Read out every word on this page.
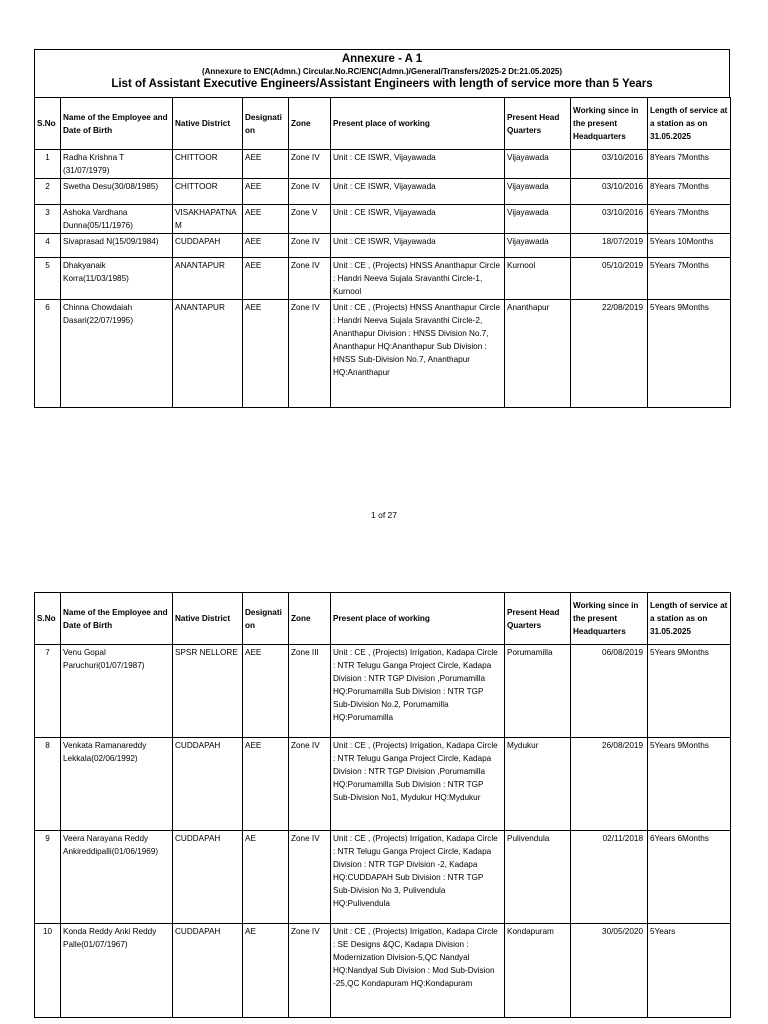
Annexure - A 1
(Annexure to ENC(Admn.) Circular.No.RC/ENC(Admn.)/General/Transfers/2025-2 Dt:21.05.2025)
List of Assistant Executive Engineers/Assistant Engineers with length of service more than 5 Years
S.No	Name of the Employee and Date of Birth	Native District	Designation	Zone	Present place of working	Present Head Quarters	Working since in the present Headquarters	Length of service at a station as on 31.05.2025
1	Radha Krishna T (31/07/1979)	CHITTOOR	AEE	Zone IV	Unit : CE ISWR, Vijayawada	Vijayawada	03/10/2016	8Years 7Months
2	Swetha Desu(30/08/1985)	CHITTOOR	AEE	Zone IV	Unit : CE ISWR, Vijayawada	Vijayawada	03/10/2016	8Years 7Months
3	Ashoka Vardhana Dunna(05/11/1976)	VISAKHAPATNAM	AEE	Zone V	Unit : CE ISWR, Vijayawada	Vijayawada	03/10/2016	6Years 7Months
4	Sivaprasad N(15/09/1984)	CUDDAPAH	AEE	Zone IV	Unit : CE ISWR, Vijayawada	Vijayawada	18/07/2019	5Years 10Months
5	Dhakyanaik Korra(11/03/1985)	ANANTAPUR	AEE	Zone IV	Unit : CE , (Projects) HNSS Ananthapur Circle : Handri Neeva Sujala Sravanthi Circle-1, Kurnool	Kurnool	05/10/2019	5Years 7Months
6	Chinna Chowdaiah Dasari(22/07/1995)	ANANTAPUR	AEE	Zone IV	Unit : CE , (Projects) HNSS Ananthapur Circle : Handri Neeva Sujala Sravanthi Circle-2, Ananthapur Division : HNSS Division No.7, Ananthapur HQ:Ananthapur Sub Division : HNSS Sub-Division No.7, Ananthapur HQ:Ananthapur	Ananthapur	22/08/2019	5Years 9Months
1 of 27
S.No	Name of the Employee and Date of Birth	Native District	Designation	Zone	Present place of working	Present Head Quarters	Working since in the present Headquarters	Length of service at a station as on 31.05.2025
7	Venu Gopal Paruchuri(01/07/1987)	SPSR NELLORE	AEE	Zone III	Unit : CE , (Projects) Irrigation, Kadapa Circle : NTR Telugu Ganga Project Circle, Kadapa Division : NTR TGP Division ,Porumamilla HQ:Porumamilla Sub Division : NTR TGP Sub-Division No.2, Porumamilla HQ:Porumamilla	Porumamilla	06/08/2019	5Years 9Months
8	Venkata Ramanareddy Lekkala(02/06/1992)	CUDDAPAH	AEE	Zone IV	Unit : CE , (Projects) Irrigation, Kadapa Circle : NTR Telugu Ganga Project Circle, Kadapa Division : NTR TGP Division ,Porumamilla HQ:Porumamilla Sub Division : NTR TGP Sub-Division No1, Mydukur HQ:Mydukur	Mydukur	26/08/2019	5Years 9Months
9	Veera Narayana Reddy Ankireddipalli(01/06/1969)	CUDDAPAH	AE	Zone IV	Unit : CE , (Projects) Irrigation, Kadapa Circle : NTR Telugu Ganga Project Circle, Kadapa Division : NTR TGP Division -2, Kadapa HQ:CUDDAPAH Sub Division : NTR TGP Sub-Division No 3, Pulivendula HQ:Pulivendula	Pulivendula	02/11/2018	6Years 6Months
10	Konda Reddy Anki Reddy Palle(01/07/1967)	CUDDAPAH	AE	Zone IV	Unit : CE , (Projects) Irrigation, Kadapa Circle : SE Designs &QC, Kadapa Division : Modernization Division-5,QC Nandyal HQ:Nandyal Sub Division : Mod Sub-Dvision -25,QC Kondapuram HQ:Kondapuram	Kondapuram	30/05/2020	5Years
